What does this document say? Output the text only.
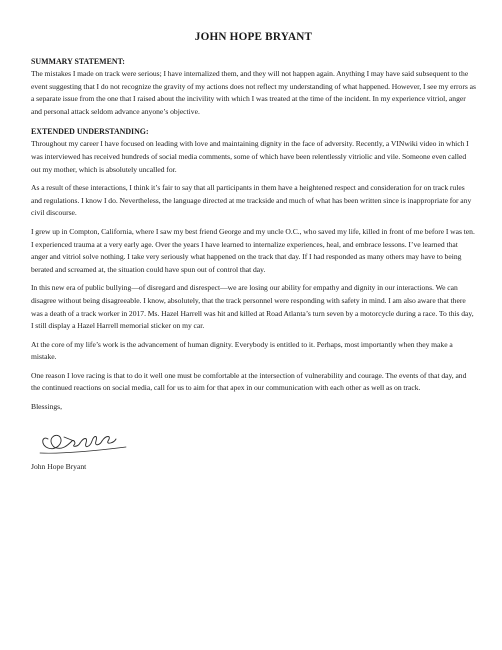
JOHN HOPE BRYANT
SUMMARY STATEMENT:
The mistakes I made on track were serious; I have internalized them, and they will not happen again. Anything I may have said subsequent to the event suggesting that I do not recognize the gravity of my actions does not reflect my understanding of what happened. However, I see my errors as a separate issue from the one that I raised about the incivility with which I was treated at the time of the incident. In my experience vitriol, anger and personal attack seldom advance anyone’s objective.
EXTENDED UNDERSTANDING:
Throughout my career I have focused on leading with love and maintaining dignity in the face of adversity. Recently, a VINwiki video in which I was interviewed has received hundreds of social media comments, some of which have been relentlessly vitriolic and vile. Someone even called out my mother, which is absolutely uncalled for.
As a result of these interactions, I think it’s fair to say that all participants in them have a heightened respect and consideration for on track rules and regulations. I know I do. Nevertheless, the language directed at me trackside and much of what has been written since is inappropriate for any civil discourse.
I grew up in Compton, California, where I saw my best friend George and my uncle O.C., who saved my life, killed in front of me before I was ten. I experienced trauma at a very early age. Over the years I have learned to internalize experiences, heal, and embrace lessons. I’ve learned that anger and vitriol solve nothing. I take very seriously what happened on the track that day. If I had responded as many others may have to being berated and screamed at, the situation could have spun out of control that day.
In this new era of public bullying—of disregard and disrespect—we are losing our ability for empathy and dignity in our interactions. We can disagree without being disagreeable. I know, absolutely, that the track personnel were responding with safety in mind. I am also aware that there was a death of a track worker in 2017. Ms. Hazel Harrell was hit and killed at Road Atlanta’s turn seven by a motorcycle during a race. To this day, I still display a Hazel Harrell memorial sticker on my car.
At the core of my life’s work is the advancement of human dignity. Everybody is entitled to it. Perhaps, most importantly when they make a mistake.
One reason I love racing is that to do it well one must be comfortable at the intersection of vulnerability and courage. The events of that day, and the continued reactions on social media, call for us to aim for that apex in our communication with each other as well as on track.
Blessings,
John Hope Bryant
